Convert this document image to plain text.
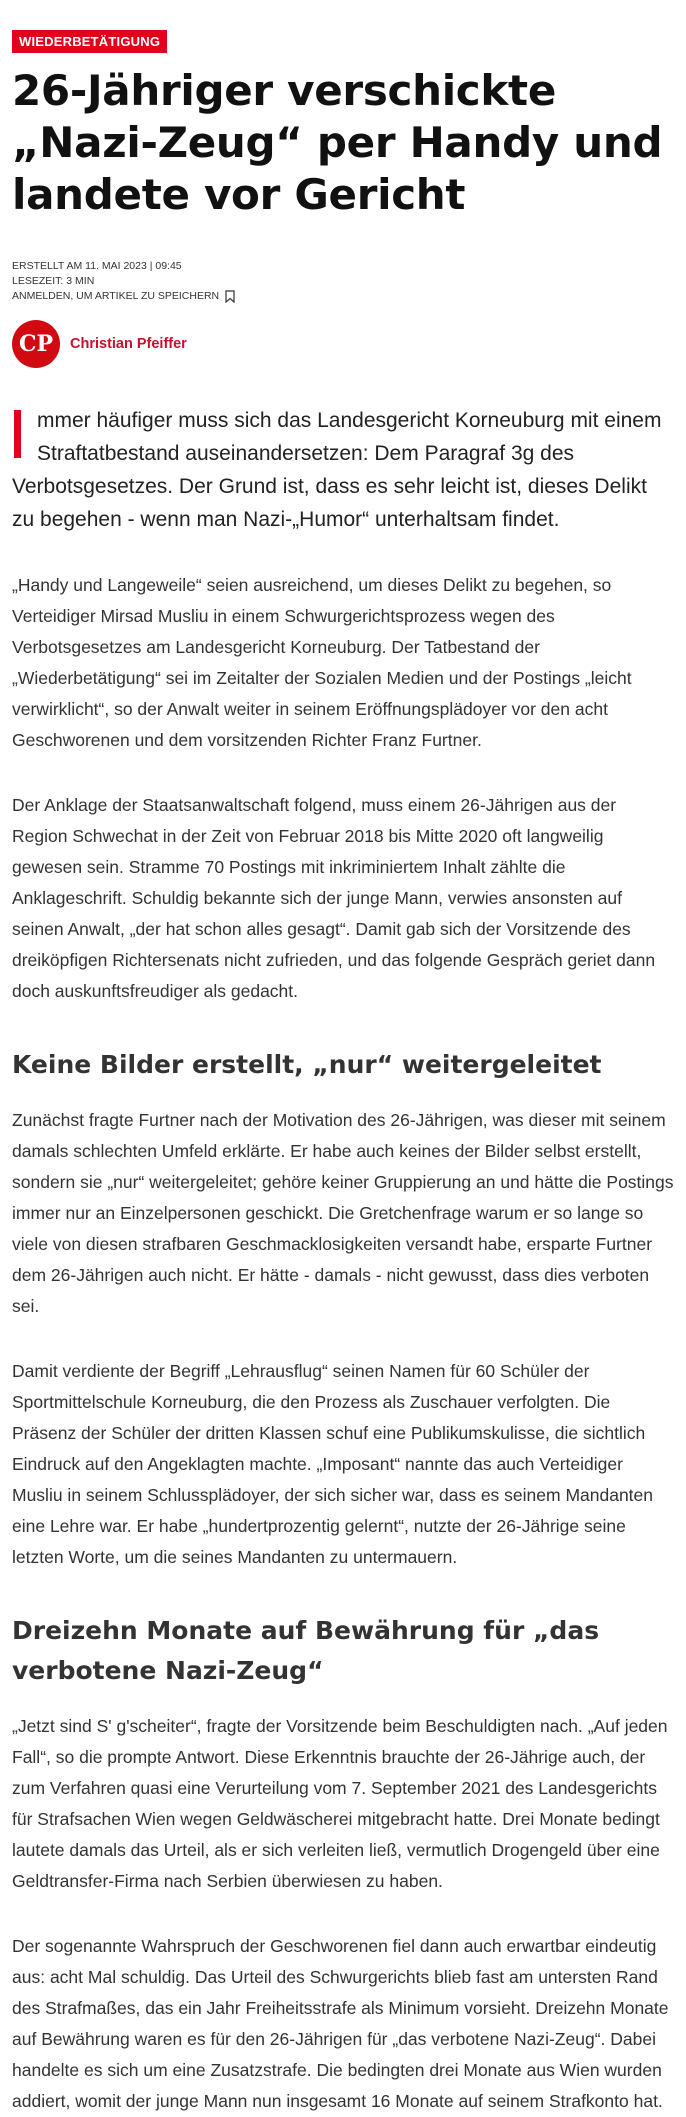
WIEDERBETÄTIGUNG
26-Jähriger verschickte „Nazi-Zeug“ per Handy und landete vor Gericht
ERSTELLT AM 11. MAI 2023 | 09:45
LESEZEIT: 3 MIN
ANMELDEN, UM ARTIKEL ZU SPEICHERN
CP	Christian Pfeiffer
mmer häufiger muss sich das Landesgericht Korneuburg mit einem Straftatbestand auseinandersetzen: Dem Paragraf 3g des Verbotsgesetzes. Der Grund ist, dass es sehr leicht ist, dieses Delikt zu begehen - wenn man Nazi-„Humor“ unterhaltsam findet.

„Handy und Langeweile“ seien ausreichend, um dieses Delikt zu begehen, so Verteidiger Mirsad Musliu in einem Schwurgerichtsprozess wegen des Verbotsgesetzes am Landesgericht Korneuburg. Der Tatbestand der „Wiederbetätigung“ sei im Zeitalter der Sozialen Medien und der Postings „leicht verwirklicht“, so der Anwalt weiter in seinem Eröffnungsplädoyer vor den acht Geschworenen und dem vorsitzenden Richter Franz Furtner.

Der Anklage der Staatsanwaltschaft folgend, muss einem 26-Jährigen aus der Region Schwechat in der Zeit von Februar 2018 bis Mitte 2020 oft langweilig gewesen sein. Stramme 70 Postings mit inkriminiertem Inhalt zählte die Anklageschrift. Schuldig bekannte sich der junge Mann, verwies ansonsten auf seinen Anwalt, „der hat schon alles gesagt“. Damit gab sich der Vorsitzende des dreiköpfigen Richtersenats nicht zufrieden, und das folgende Gespräch geriet dann doch auskunftsfreudiger als gedacht.

Keine Bilder erstellt, „nur“ weitergeleitet

Zunächst fragte Furtner nach der Motivation des 26-Jährigen, was dieser mit seinem damals schlechten Umfeld erklärte. Er habe auch keines der Bilder selbst erstellt, sondern sie „nur“ weitergeleitet; gehöre keiner Gruppierung an und hätte die Postings immer nur an Einzelpersonen geschickt. Die Gretchenfrage warum er so lange so viele von diesen strafbaren Geschmacklosigkeiten versandt habe, ersparte Furtner dem 26-Jährigen auch nicht. Er hätte - damals - nicht gewusst, dass dies verboten sei.

Damit verdiente der Begriff „Lehrausflug“ seinen Namen für 60 Schüler der Sportmittelschule Korneuburg, die den Prozess als Zuschauer verfolgten. Die Präsenz der Schüler der dritten Klassen schuf eine Publikumskulisse, die sichtlich Eindruck auf den Angeklagten machte. „Imposant“ nannte das auch Verteidiger Musliu in seinem Schlussplädoyer, der sich sicher war, dass es seinem Mandanten eine Lehre war. Er habe „hundertprozentig gelernt“, nutzte der 26-Jährige seine letzten Worte, um die seines Mandanten zu untermauern.

Dreizehn Monate auf Bewährung für „das verbotene Nazi-Zeug“

„Jetzt sind S' g'scheiter“, fragte der Vorsitzende beim Beschuldigten nach. „Auf jeden Fall“, so die prompte Antwort. Diese Erkenntnis brauchte der 26-Jährige auch, der zum Verfahren quasi eine Verurteilung vom 7. September 2021 des Landesgerichts für Strafsachen Wien wegen Geldwäscherei mitgebracht hatte. Drei Monate bedingt lautete damals das Urteil, als er sich verleiten ließ, vermutlich Drogengeld über eine Geldtransfer-Firma nach Serbien überwiesen zu haben.

Der sogenannte Wahrspruch der Geschworenen fiel dann auch erwartbar eindeutig aus: acht Mal schuldig. Das Urteil des Schwurgerichts blieb fast am untersten Rand des Strafmaßes, das ein Jahr Freiheitsstrafe als Minimum vorsieht. Dreizehn Monate auf Bewährung waren es für den 26-Jährigen für „das verbotene Nazi-Zeug“. Dabei handelte es sich um eine Zusatzstrafe. Die bedingten drei Monate aus Wien wurden addiert, womit der junge Mann nun insgesamt 16 Monate auf seinem Strafkonto hat.
